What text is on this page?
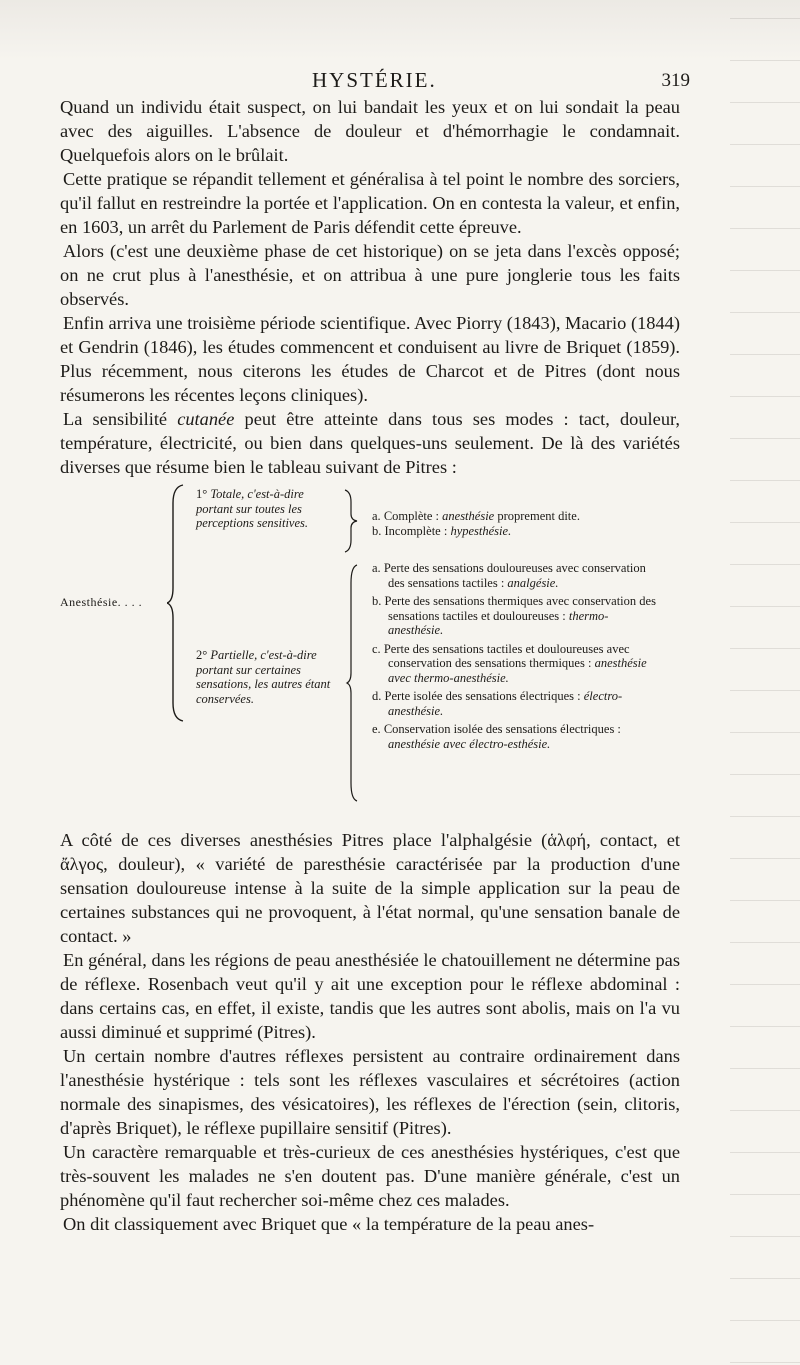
HYSTÉRIE.	319

Quand un individu était suspect, on lui bandait les yeux et on lui sondait la peau avec des aiguilles. L'absence de douleur et d'hémorrhagie le condamnait. Quelquefois alors on le brûlait.

Cette pratique se répandit tellement et généralisa à tel point le nombre des sorciers, qu'il fallut en restreindre la portée et l'application. On en contesta la valeur, et enfin, en 1603, un arrêt du Parlement de Paris défendit cette épreuve.

Alors (c'est une deuxième phase de cet historique) on se jeta dans l'excès opposé; on ne crut plus à l'anesthésie, et on attribua à une pure jonglerie tous les faits observés.

Enfin arriva une troisième période scientifique. Avec Piorry (1843), Macario (1844) et Gendrin (1846), les études commencent et conduisent au livre de Briquet (1859). Plus récemment, nous citerons les études de Charcot et de Pitres (dont nous résumerons les récentes leçons cliniques).

La sensibilité cutanée peut être atteinte dans tous ses modes : tact, douleur, température, électricité, ou bien dans quelques-uns seulement. De là des variétés diverses que résume bien le tableau suivant de Pitres :

Anesthésie. . . .
1° Totale, c'est-à-dire portant sur toutes les perceptions sensitives.	a. Complète : anesthésie proprement dite.
b. Incomplète : hypesthésie.
2° Partielle, c'est-à-dire portant sur certaines sensations, les autres étant conservées.
a. Perte des sensations douloureuses avec conservation des sensations tactiles : analgésie.
b. Perte des sensations thermiques avec conservation des sensations tactiles et douloureuses : thermo-anesthésie.
c. Perte des sensations tactiles et douloureuses avec conservation des sensations thermiques : anesthésie avec thermo-anesthésie.
d. Perte isolée des sensations électriques : électro-anesthésie.
e. Conservation isolée des sensations électriques : anesthésie avec électro-esthésie.

A côté de ces diverses anesthésies Pitres place l'alphalgésie (ἁλφή, contact, et ἄλγος, douleur), « variété de paresthésie caractérisée par la production d'une sensation douloureuse intense à la suite de la simple application sur la peau de certaines substances qui ne provoquent, à l'état normal, qu'une sensation banale de contact. »

En général, dans les régions de peau anesthésiée le chatouillement ne détermine pas de réflexe. Rosenbach veut qu'il y ait une exception pour le réflexe abdominal : dans certains cas, en effet, il existe, tandis que les autres sont abolis, mais on l'a vu aussi diminué et supprimé (Pitres).

Un certain nombre d'autres réflexes persistent au contraire ordinairement dans l'anesthésie hystérique : tels sont les réflexes vasculaires et sécrétoires (action normale des sinapismes, des vésicatoires), les réflexes de l'érection (sein, clitoris, d'après Briquet), le réflexe pupillaire sensitif (Pitres).

Un caractère remarquable et très-curieux de ces anesthésies hystériques, c'est que très-souvent les malades ne s'en doutent pas. D'une manière générale, c'est un phénomène qu'il faut rechercher soi-même chez ces malades.

On dit classiquement avec Briquet que « la température de la peau anes-
